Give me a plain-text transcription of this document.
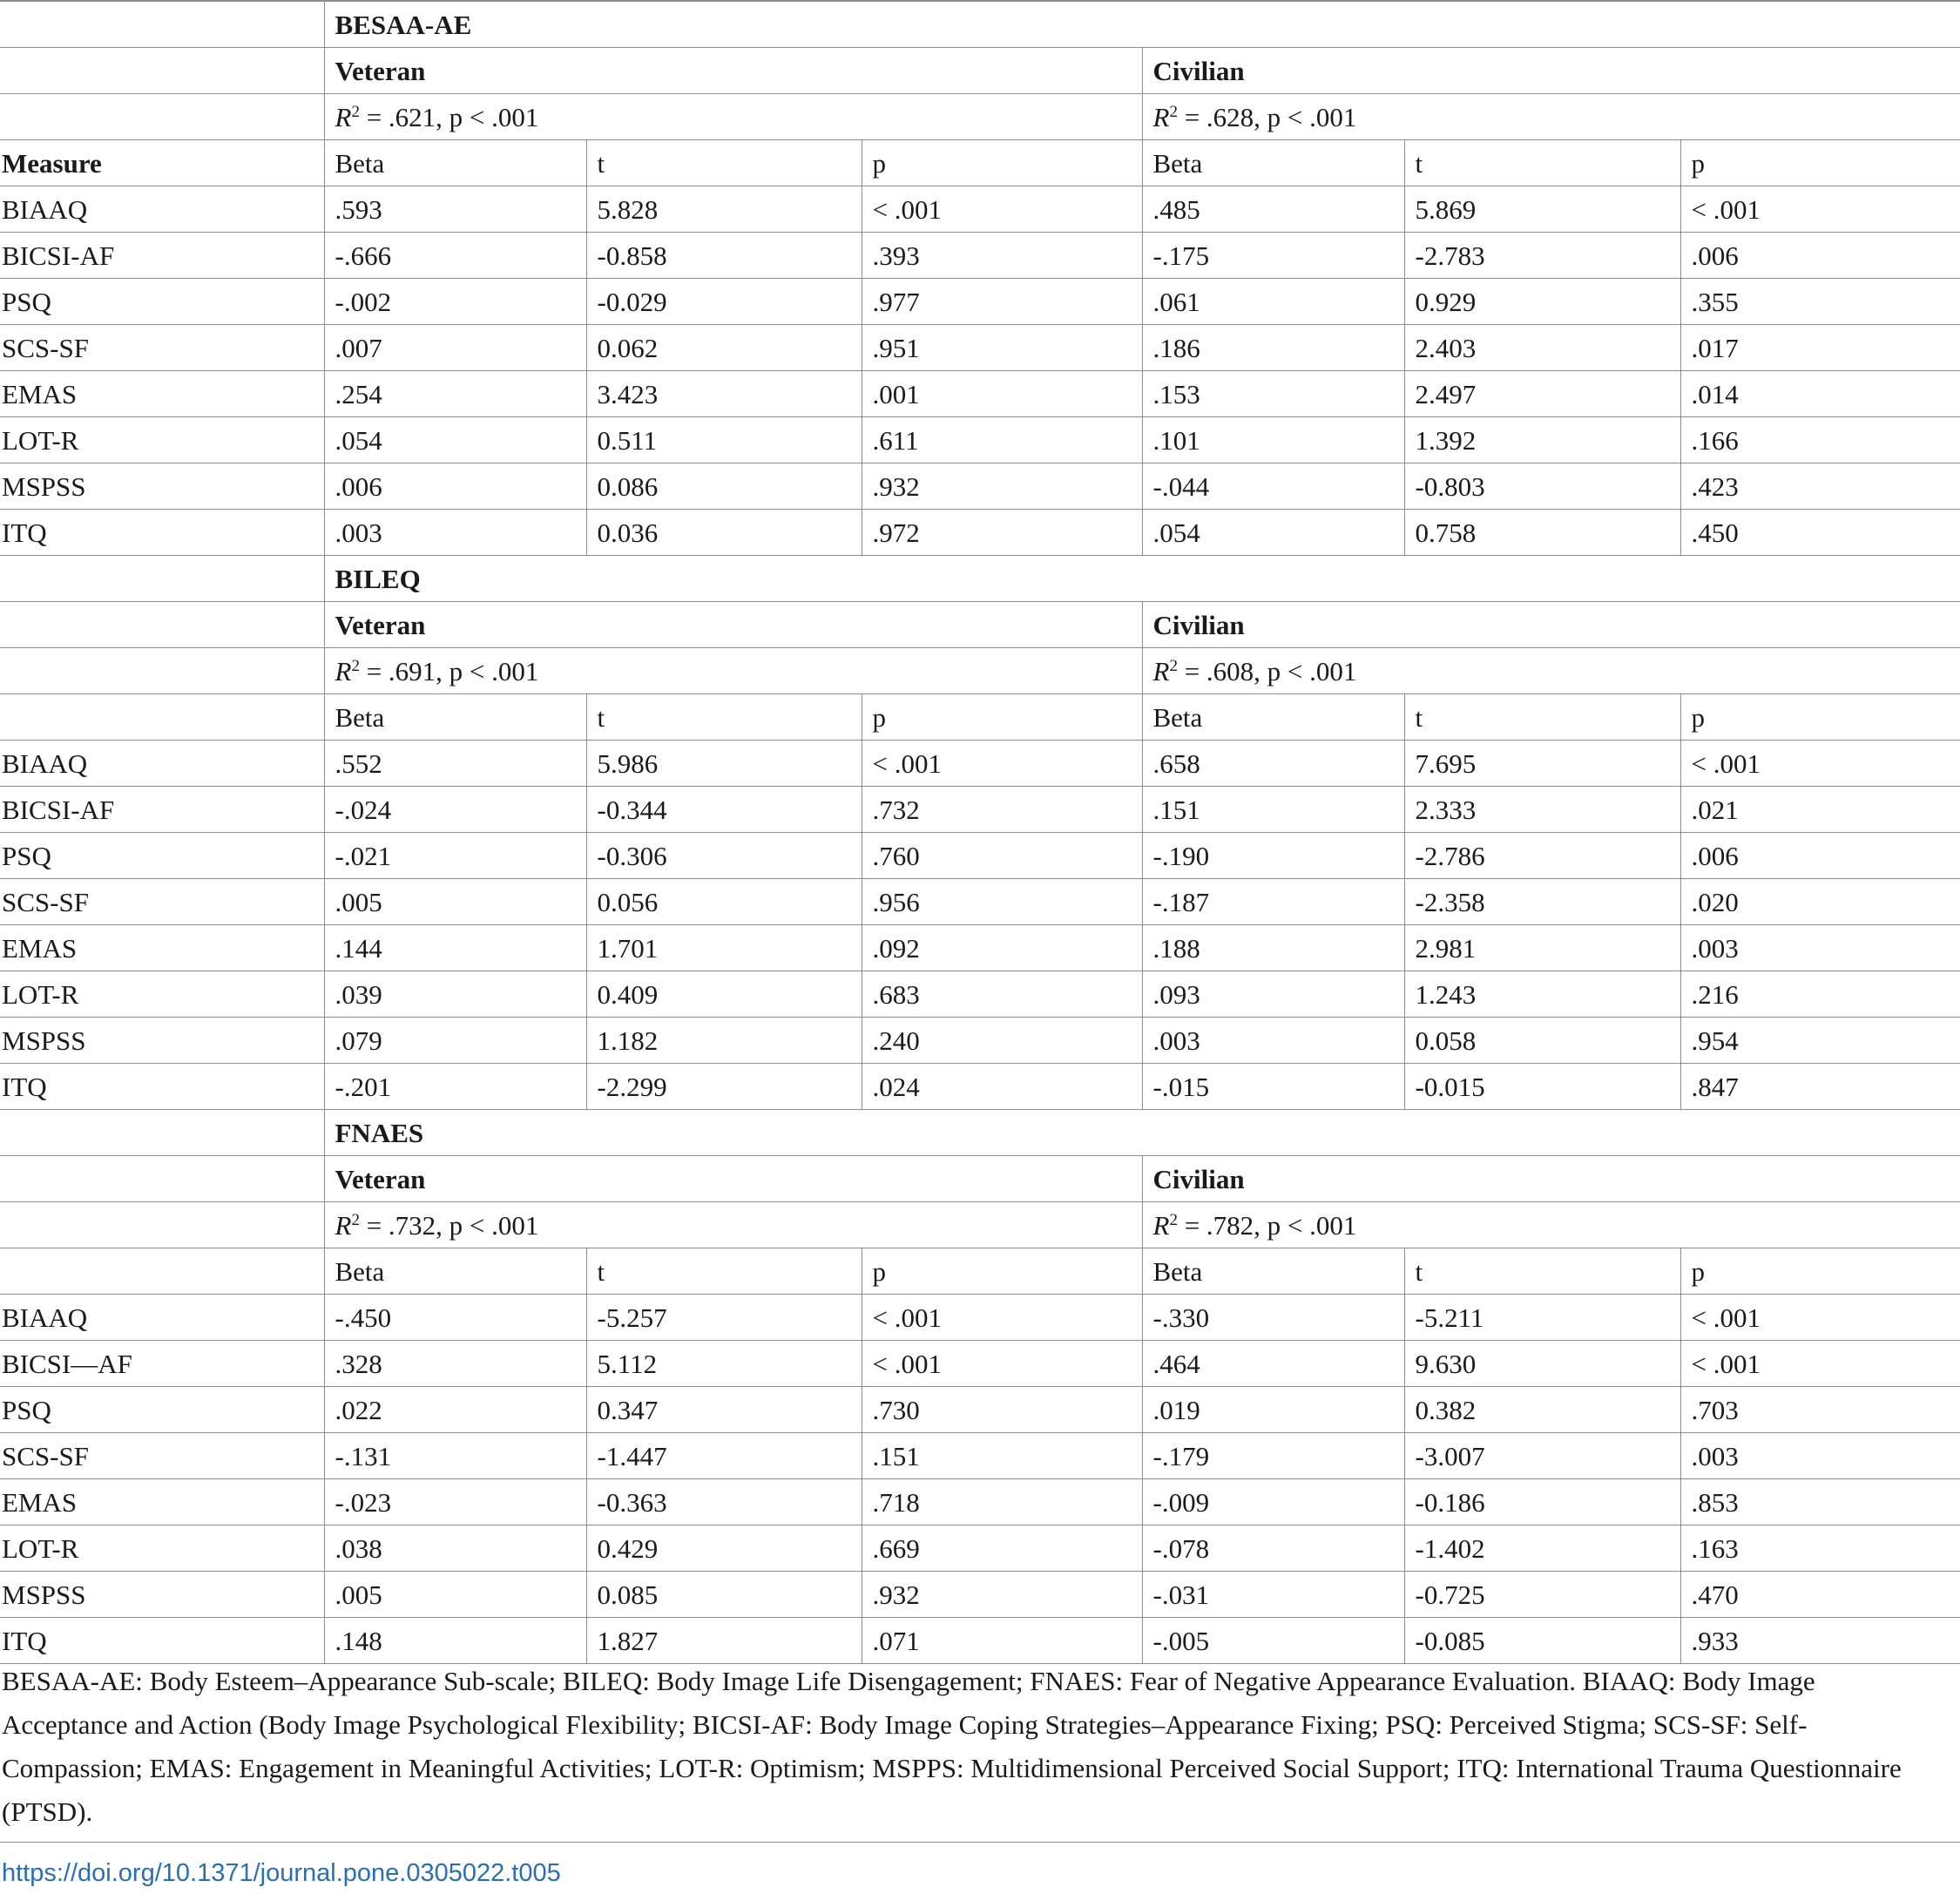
	BESAA-AE					
	Veteran			Civilian		
	$R^2 = .621$, p < .001			$R^2 = .628$, p < .001		
Measure	Beta	t	p	Beta	t	p
BIAAQ	.593	5.828	< .001	.485	5.869	< .001
BICSI-AF	-.666	-0.858	.393	-.175	-2.783	.006
PSQ	-.002	-0.029	.977	.061	0.929	.355
SCS-SF	.007	0.062	.951	.186	2.403	.017
EMAS	.254	3.423	.001	.153	2.497	.014
LOT-R	.054	0.511	.611	.101	1.392	.166
MSPSS	.006	0.086	.932	-.044	-0.803	.423
ITQ	.003	0.036	.972	.054	0.758	.450
	BILEQ					
	Veteran			Civilian		
	$R^2 = .691$, p < .001			$R^2 = .608$, p < .001		
	Beta	t	p	Beta	t	p
BIAAQ	.552	5.986	< .001	.658	7.695	< .001
BICSI-AF	-.024	-0.344	.732	.151	2.333	.021
PSQ	-.021	-0.306	.760	-.190	-2.786	.006
SCS-SF	.005	0.056	.956	-.187	-2.358	.020
EMAS	.144	1.701	.092	.188	2.981	.003
LOT-R	.039	0.409	.683	.093	1.243	.216
MSPSS	.079	1.182	.240	.003	0.058	.954
ITQ	-.201	-2.299	.024	-.015	-0.015	.847
	FNAES					
	Veteran			Civilian		
	$R^2 = .732$, p < .001			$R^2 = .782$, p < .001		
	Beta	t	p	Beta	t	p
BIAAQ	-.450	-5.257	< .001	-.330	-5.211	< .001
BICSI—AF	.328	5.112	< .001	.464	9.630	< .001
PSQ	.022	0.347	.730	.019	0.382	.703
SCS-SF	-.131	-1.447	.151	-.179	-3.007	.003
EMAS	-.023	-0.363	.718	-.009	-0.186	.853
LOT-R	.038	0.429	.669	-.078	-1.402	.163
MSPSS	.005	0.085	.932	-.031	-0.725	.470
ITQ	.148	1.827	.071	-.005	-0.085	.933
BESAA-AE: Body Esteem–Appearance Sub-scale; BILEQ: Body Image Life Disengagement; FNAES: Fear of Negative Appearance Evaluation. BIAAQ: Body Image Acceptance and Action (Body Image Psychological Flexibility; BICSI-AF: Body Image Coping Strategies–Appearance Fixing; PSQ: Perceived Stigma; SCS-SF: Self-Compassion; EMAS: Engagement in Meaningful Activities; LOT-R: Optimism; MSPPS: Multidimensional Perceived Social Support; ITQ: International Trauma Questionnaire (PTSD).
https://doi.org/10.1371/journal.pone.0305022.t005
